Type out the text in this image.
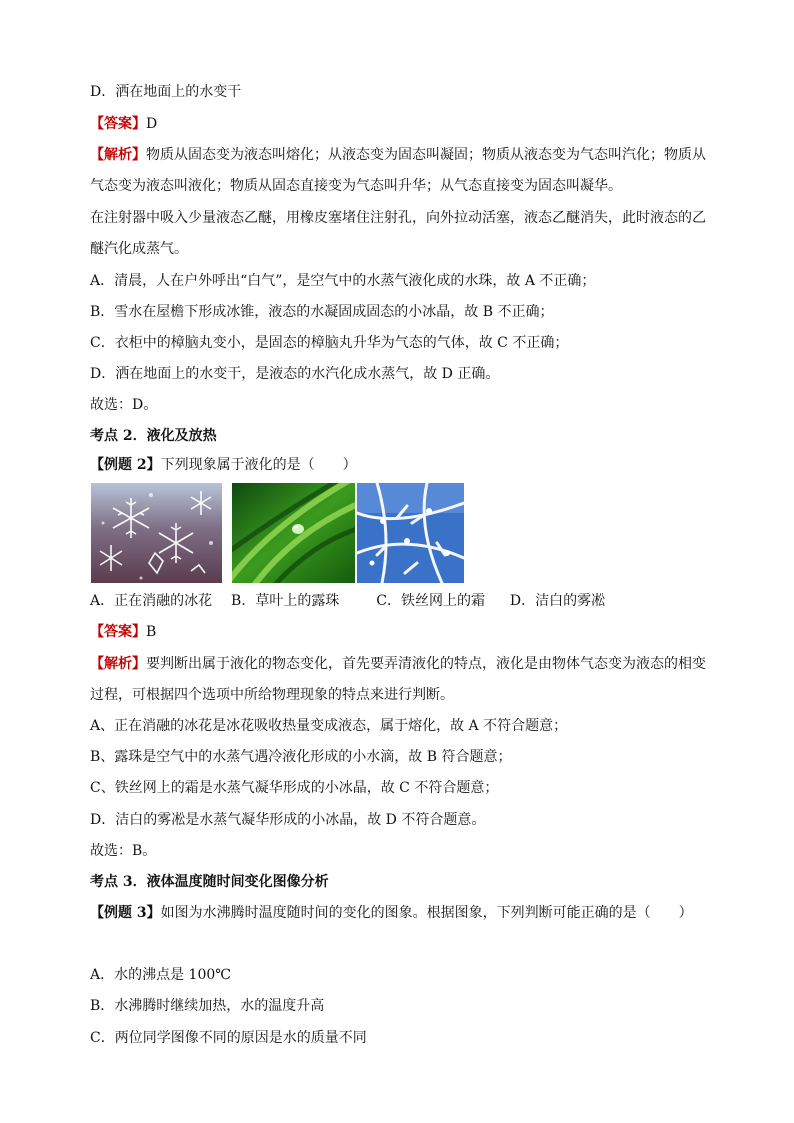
D．洒在地面上的水变干
【答案】D
【解析】物质从固态变为液态叫熔化；从液态变为固态叫凝固；物质从液态变为气态叫汽化；物质从
气态变为液态叫液化；物质从固态直接变为气态叫升华；从气态直接变为固态叫凝华。
在注射器中吸入少量液态乙醚，用橡皮塞堵住注射孔，向外拉动活塞，液态乙醚消失，此时液态的乙
醚汽化成蒸气。
A．清晨，人在户外呼出“白气”，是空气中的水蒸气液化成的水珠，故 A 不正确；
B．雪水在屋檐下形成冰锥，液态的水凝固成固态的小冰晶，故 B 不正确；
C．衣柜中的樟脑丸变小，是固态的樟脑丸升华为气态的气体，故 C 不正确；
D．洒在地面上的水变干，是液态的水汽化成水蒸气，故 D 正确。
故选：D。
考点 2．液化及放热
【例题 2】下列现象属于液化的是（　　）
A．正在消融的冰花 B．草叶上的露珠	C．铁丝网上的霜 D．洁白的雾凇
【答案】B
【解析】要判断出属于液化的物态变化，首先要弄清液化的特点，液化是由物体气态变为液态的相变
过程，可根据四个选项中所给物理现象的特点来进行判断。
A、正在消融的冰花是冰花吸收热量变成液态，属于熔化，故 A 不符合题意；
B、露珠是空气中的水蒸气遇冷液化形成的小水滴，故 B 符合题意；
C、铁丝网上的霜是水蒸气凝华形成的小冰晶，故 C 不符合题意；
D．洁白的雾凇是水蒸气凝华形成的小冰晶，故 D 不符合题意。
故选：B。
考点 3．液体温度随时间变化图像分析
【例题 3】如图为水沸腾时温度随时间的变化的图象。根据图象，下列判断可能正确的是（　　）
A．水的沸点是 100℃
B．水沸腾时继续加热，水的温度升高
C．两位同学图像不同的原因是水的质量不同
